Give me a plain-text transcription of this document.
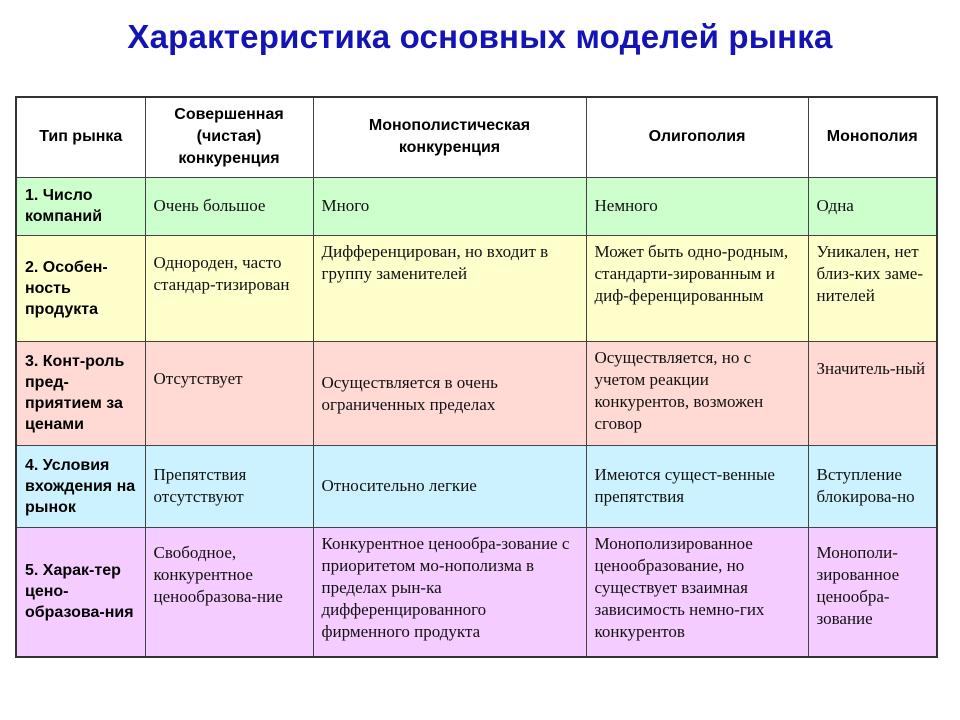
Характеристика основных моделей рынка
Тип рынка	Совершенная (чистая) конкуренция	Монополистическая конкуренция	Олигополия	Монополия
1. Число компаний	Очень большое	Много	Немного	Одна
2. Особен-ность продукта	Однороден, часто стандар-тизирован	Дифференцирован, но входит в группу заменителей	Может быть одно-родным, стандарти-зированным и диф-ференцированным	Уникален, нет близ-ких заме-нителей
3. Конт-роль пред-приятием за ценами	Отсутствует	Осуществляется в очень ограниченных пределах	Осуществляется, но с учетом реакции конкурентов, возможен сговор	Значитель-ный
4. Условия вхождения на рынок	Препятствия отсутствуют	Относительно легкие	Имеются сущест-венные препятствия	Вступление блокирова-но
5. Харак-тер цено-образова-ния	Свободное, конкурентное ценообразова-ние	Конкурентное ценообра-зование с приоритетом мо-нополизма в пределах рын-ка дифференцированного фирменного продукта	Монополизированное ценообразование, но существует взаимная зависимость немно-гих конкурентов	Монополи-зированное ценообра-зование
